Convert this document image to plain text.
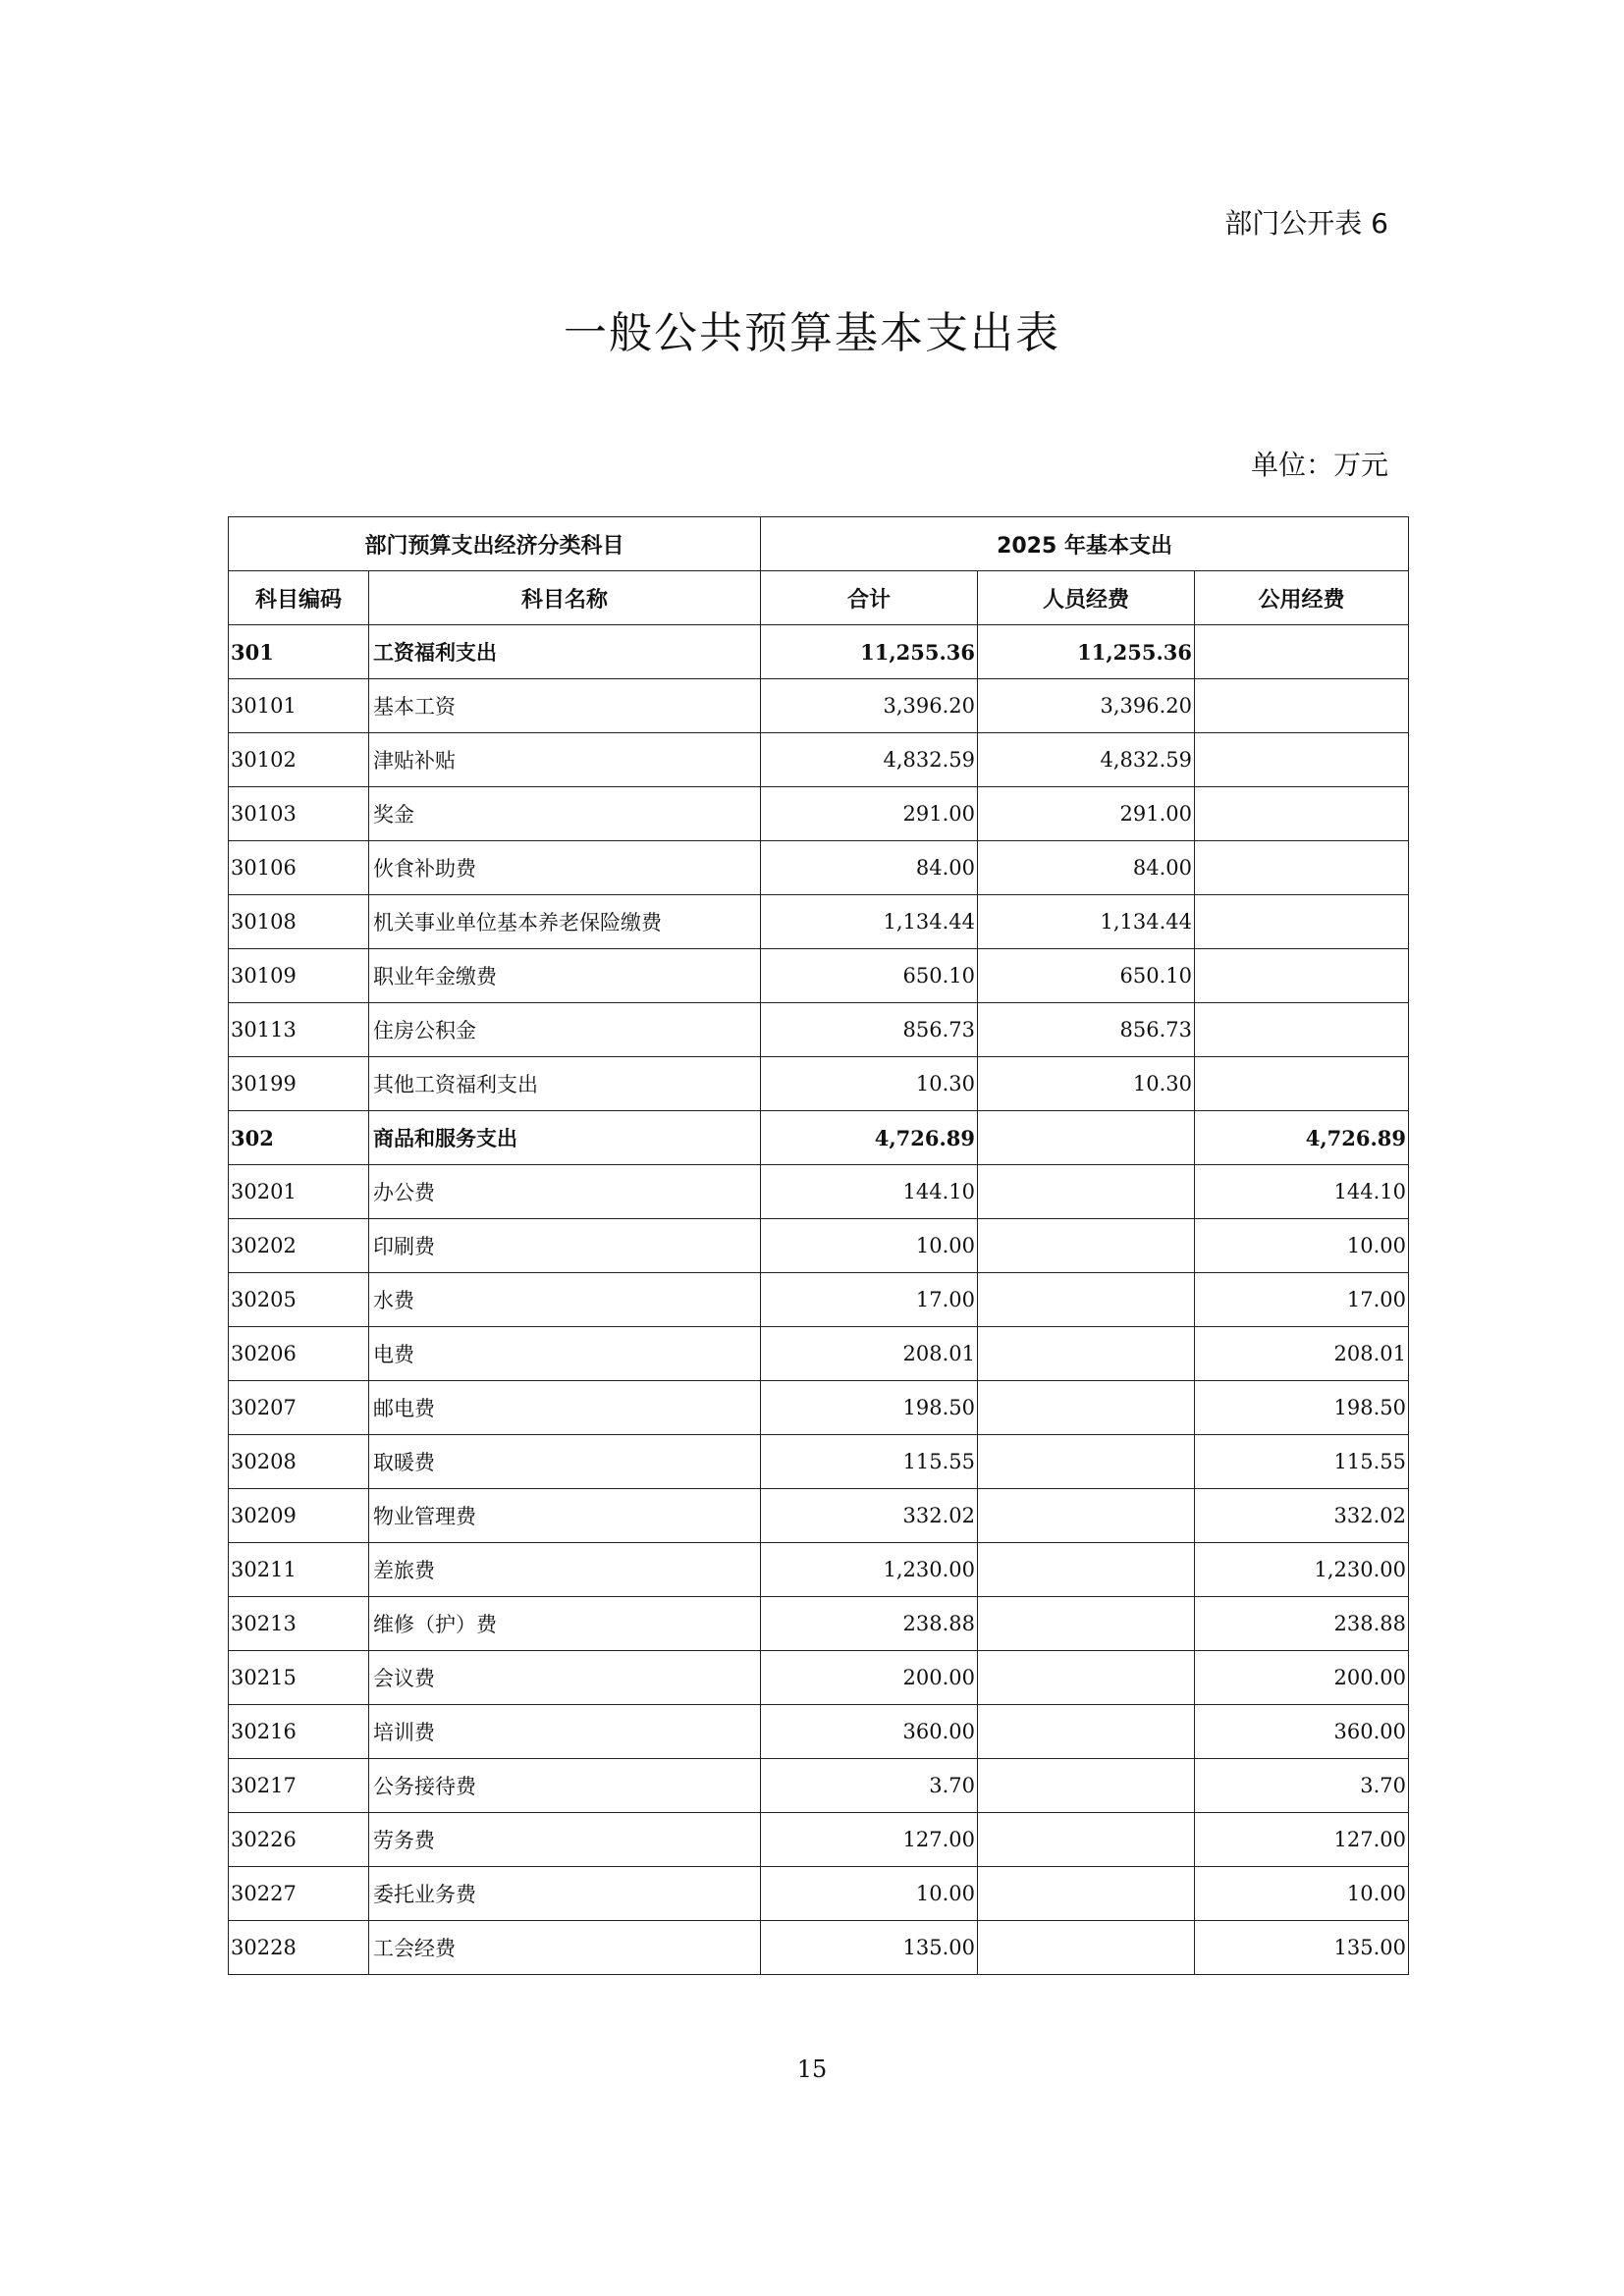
部门公开表 6
一般公共预算基本支出表
单位：万元
部门预算支出经济分类科目		2025 年基本支出		
科目编码	科目名称	合计	人员经费	公用经费
301	工资福利支出	11,255.36	11,255.36	
30101	基本工资	3,396.20	3,396.20	
30102	津贴补贴	4,832.59	4,832.59	
30103	奖金	291.00	291.00	
30106	伙食补助费	84.00	84.00	
30108	机关事业单位基本养老保险缴费	1,134.44	1,134.44	
30109	职业年金缴费	650.10	650.10	
30113	住房公积金	856.73	856.73	
30199	其他工资福利支出	10.30	10.30	
302	商品和服务支出	4,726.89		4,726.89
30201	办公费	144.10		144.10
30202	印刷费	10.00		10.00
30205	水费	17.00		17.00
30206	电费	208.01		208.01
30207	邮电费	198.50		198.50
30208	取暖费	115.55		115.55
30209	物业管理费	332.02		332.02
30211	差旅费	1,230.00		1,230.00
30213	维修（护）费	238.88		238.88
30215	会议费	200.00		200.00
30216	培训费	360.00		360.00
30217	公务接待费	3.70		3.70
30226	劳务费	127.00		127.00
30227	委托业务费	10.00		10.00
30228	工会经费	135.00		135.00
15
